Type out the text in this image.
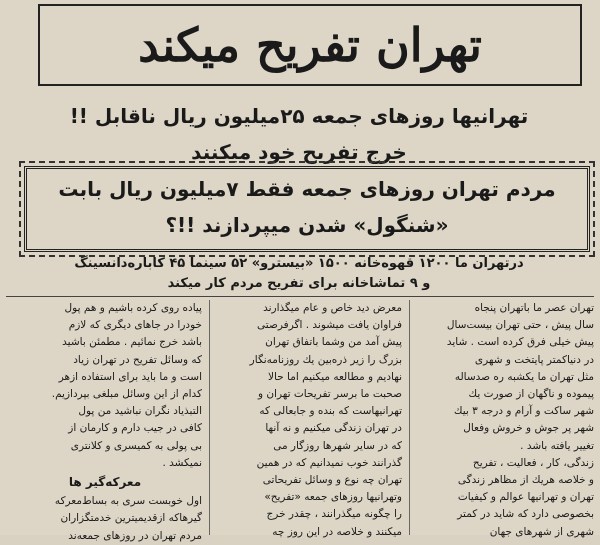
تهران تفریح میکند
تهرانیها روزهای جمعه ۲۵میلیون ریال ناقابل !!
خرج تفریح خود میکنند
مردم تهران روزهای جمعه فقط ۷میلیون ریال بابت
«شنگول» شدن میپردازند !!؟
درتهران ما ۱۲۰۰ قهوه‌خانه ۱۵۰۰ «بیسترو» ۵۲ سینما ۴۵ کاباره‌دانسینگ
و ۹ تماشاخانه برای تفریح مردم کار میکند

تهران عصر ما باتهران پنجاه

سال پیش ، حتی تهران بیست‌سال

پیش خیلی فرق کرده است . شاید

در دنیاکمتر پایتخت و شهری

مثل تهران ما یکشبه ره صدساله

پیموده و ناگهان از صورت یك

شهر ساکت و آرام و درجه ۳ بیك

شهر پر جوش و خروش وفعال

تغییر یافته باشد .

زندگی، کار ، فعالیت ، تفریح

و خلاصه هریك از مظاهر زندگی

تهران و تهرانیها عوالم و کیفیات

بخصوصی دارد که شاید در کمتر

شهری از شهرهای جهان

معرض دید خاص و عام میگذارند

فراوان یافت میشوند . اگرفرصتی

پیش آمد من وشما باتفاق تهران

بزرگ را زیر ذره‌بین یك روزنامه‌نگار

نهادیم و مطالعه میکنیم اما حالا

صحبت ما برسر تفریحات تهران و

تهرانیهاست که بنده و جابعالی که

در تهران زندگی میکنیم و نه آنها

که در سایر شهرها روزگار می‌

گذرانند خوب نمیدانیم که در همین

تهران چه نوع و وسائل تفریحاتی

وتهرانیها روزهای جمعه «تفریح»

را چگونه میگذرانند ، چقدر خرج

میکنند و خلاصه در این روز چه

پیاده روی کرده باشیم و هم پول

خودرا در جاهای دیگری که لازم

باشد خرج نمائیم . مطمئن باشید

که وسائل تفریح در تهران زیاد

است و ما باید برای استفاده ازهر

کدام از این وسائل مبلغی بپردازیم.

التبذیاد نگران نباشید من پول

کافی در جیب دارم و کارمان از

بی پولی به کمیسری و کلانتری

نمیکشد .

معرکه‌گیر ها

اول خوبست سری به بساط‌معرکه

گیرهاکه ازقدیمیترین خدمتگزاران

مردم تهران در روزهای جمعه‌ند
